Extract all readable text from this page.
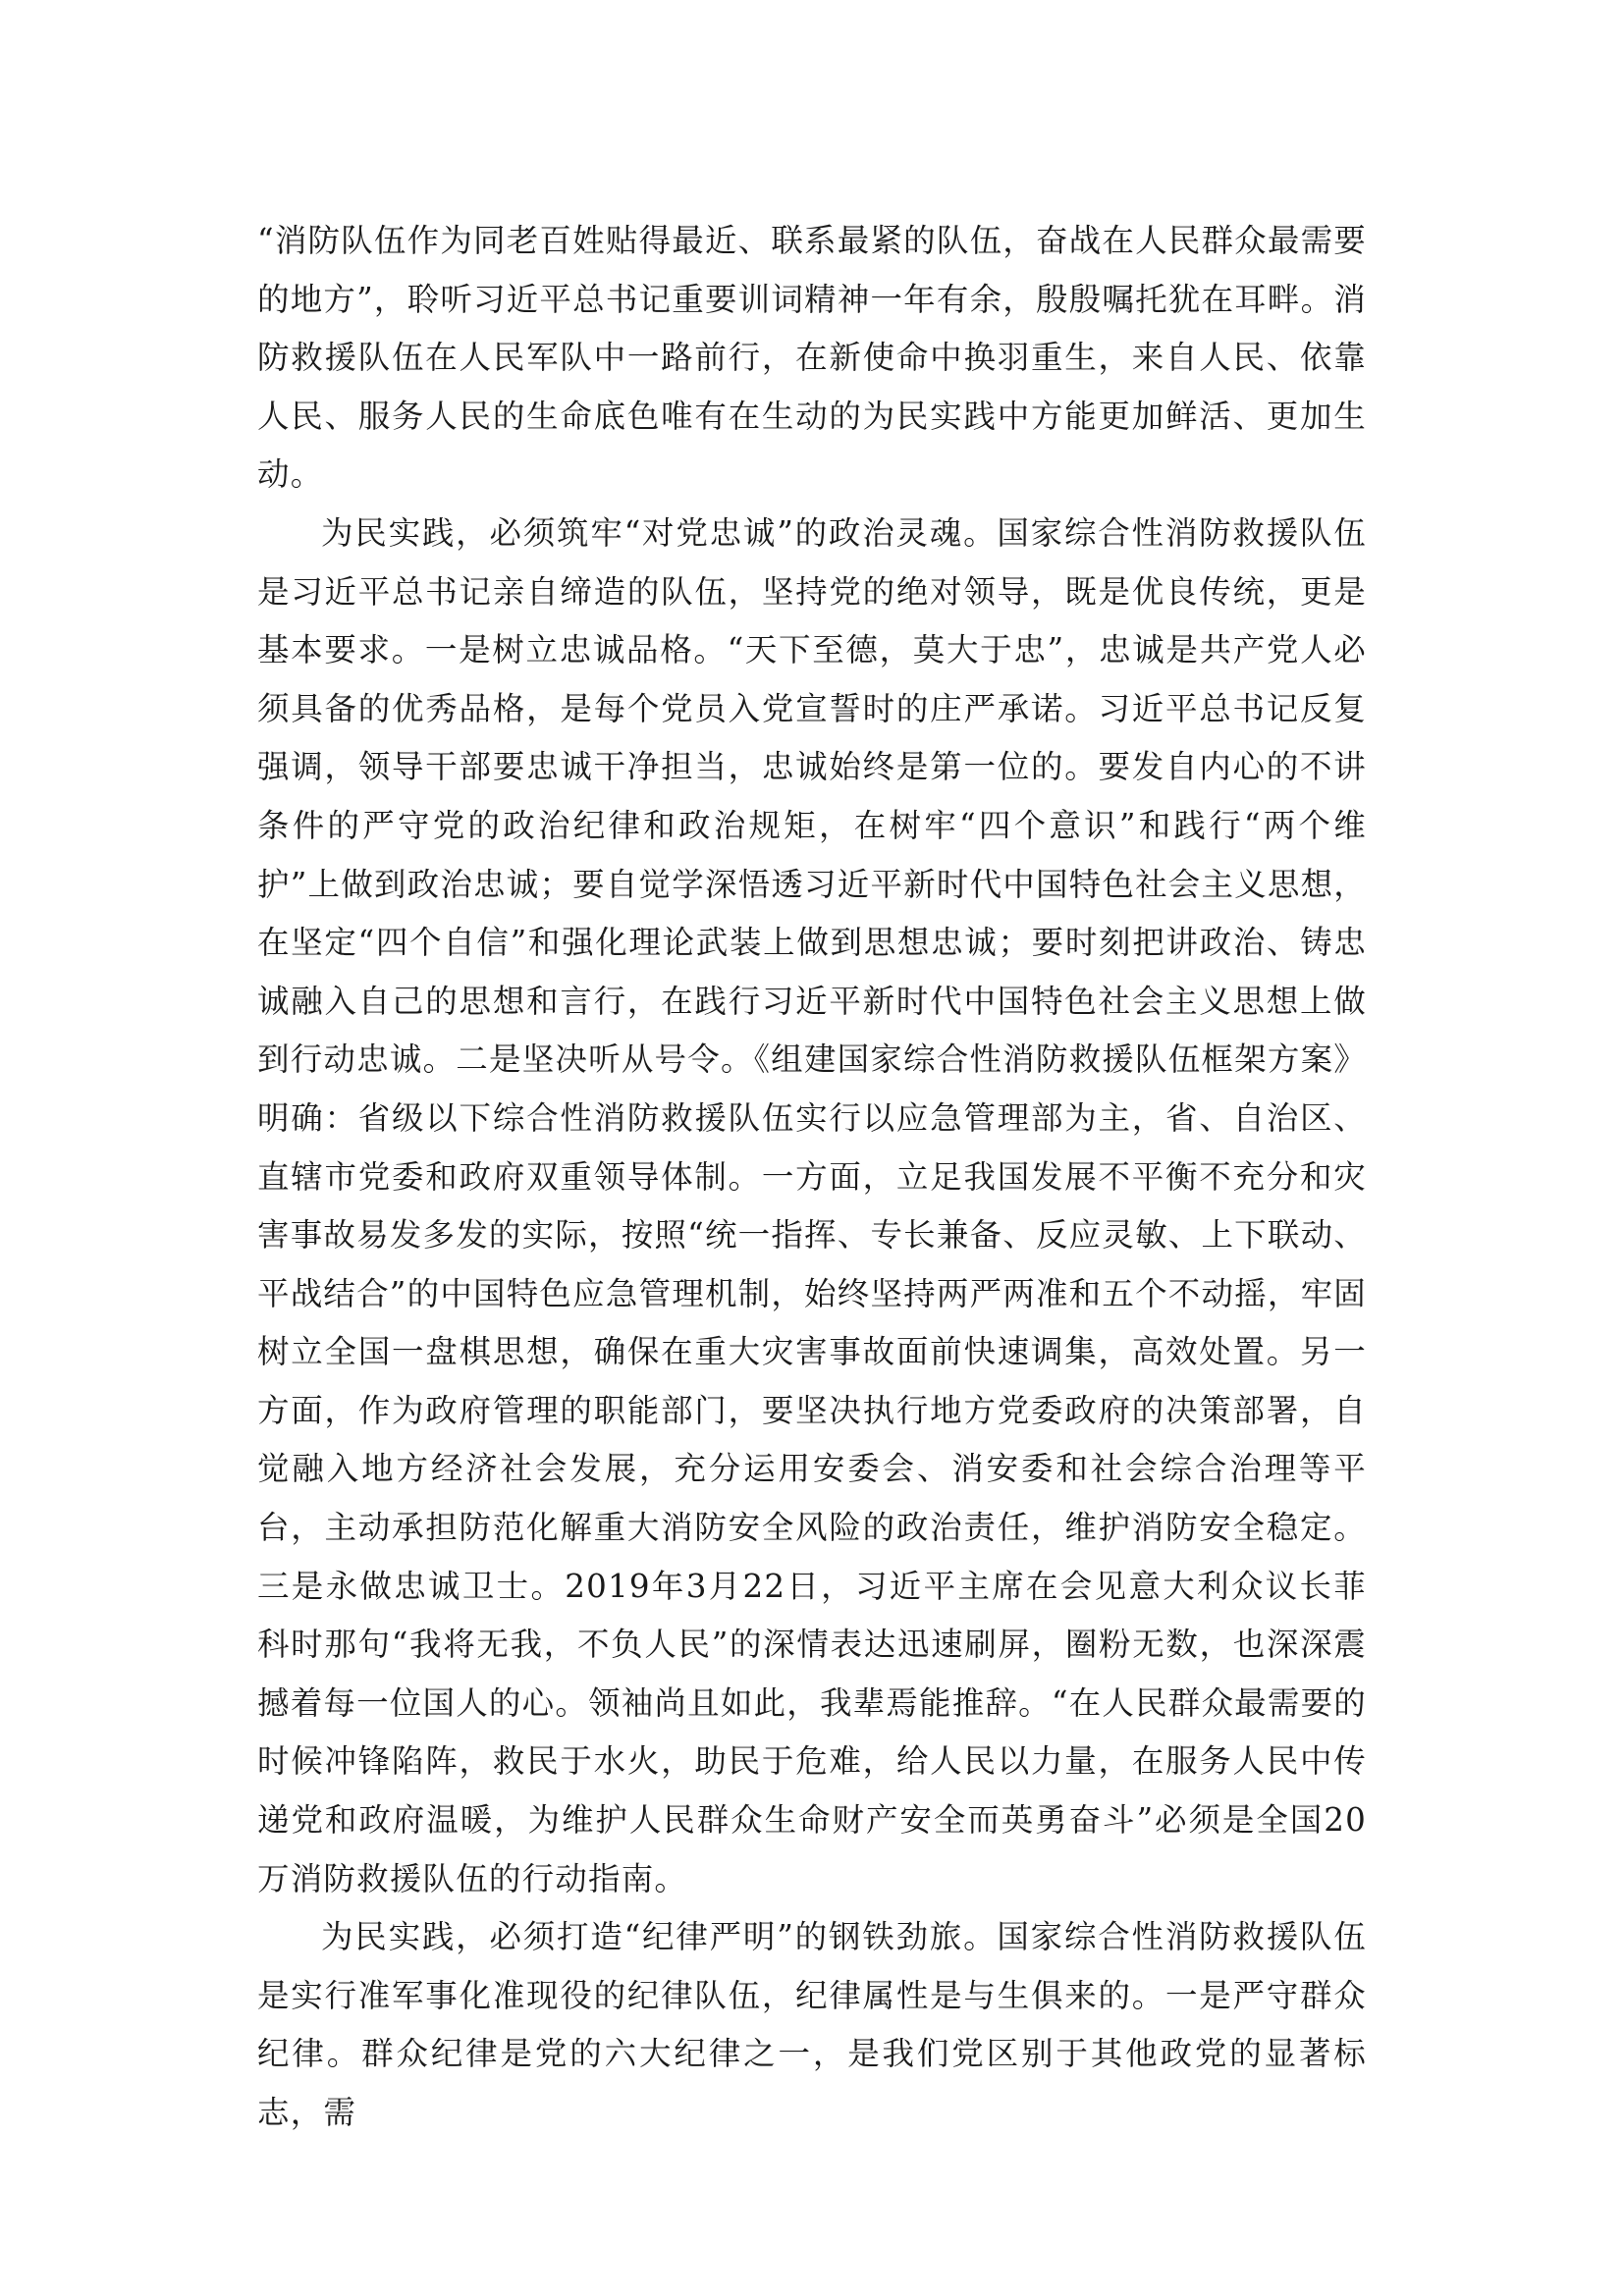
“消防队伍作为同老百姓贴得最近、联系最紧的队伍，奋战在人民群众最需要的地方”，聆听习近平总书记重要训词精神一年有余，殷殷嘱托犹在耳畔。消防救援队伍在人民军队中一路前行，在新使命中换羽重生，来自人民、依靠人民、服务人民的生命底色唯有在生动的为民实践中方能更加鲜活、更加生动。

为民实践，必须筑牢“对党忠诚”的政治灵魂。国家综合性消防救援队伍是习近平总书记亲自缔造的队伍，坚持党的绝对领导，既是优良传统，更是基本要求。一是树立忠诚品格。“天下至德，莫大于忠”，忠诚是共产党人必须具备的优秀品格，是每个党员入党宣誓时的庄严承诺。习近平总书记反复强调，领导干部要忠诚干净担当，忠诚始终是第一位的。要发自内心的不讲条件的严守党的政治纪律和政治规矩，在树牢“四个意识”和践行“两个维护”上做到政治忠诚；要自觉学深悟透习近平新时代中国特色社会主义思想，在坚定“四个自信”和强化理论武装上做到思想忠诚；要时刻把讲政治、铸忠诚融入自己的思想和言行，在践行习近平新时代中国特色社会主义思想上做到行动忠诚。二是坚决听从号令。《组建国家综合性消防救援队伍框架方案》明确：省级以下综合性消防救援队伍实行以应急管理部为主，省、自治区、直辖市党委和政府双重领导体制。一方面，立足我国发展不平衡不充分和灾害事故易发多发的实际，按照“统一指挥、专长兼备、反应灵敏、上下联动、平战结合”的中国特色应急管理机制，始终坚持两严两准和五个不动摇，牢固树立全国一盘棋思想，确保在重大灾害事故面前快速调集，高效处置。另一方面，作为政府管理的职能部门，要坚决执行地方党委政府的决策部署，自觉融入地方经济社会发展，充分运用安委会、消安委和社会综合治理等平台，主动承担防范化解重大消防安全风险的政治责任，维护消防安全稳定。三是永做忠诚卫士。2019年3月22日，习近平主席在会见意大利众议长菲科时那句“我将无我，不负人民”的深情表达迅速刷屏，圈粉无数，也深深震撼着每一位国人的心。领袖尚且如此，我辈焉能推辞。“在人民群众最需要的时候冲锋陷阵，救民于水火，助民于危难，给人民以力量，在服务人民中传递党和政府温暖，为维护人民群众生命财产安全而英勇奋斗”必须是全国20万消防救援队伍的行动指南。

为民实践，必须打造“纪律严明”的钢铁劲旅。国家综合性消防救援队伍是实行准军事化准现役的纪律队伍，纪律属性是与生俱来的。一是严守群众纪律。群众纪律是党的六大纪律之一，是我们党区别于其他政党的显著标志，需
